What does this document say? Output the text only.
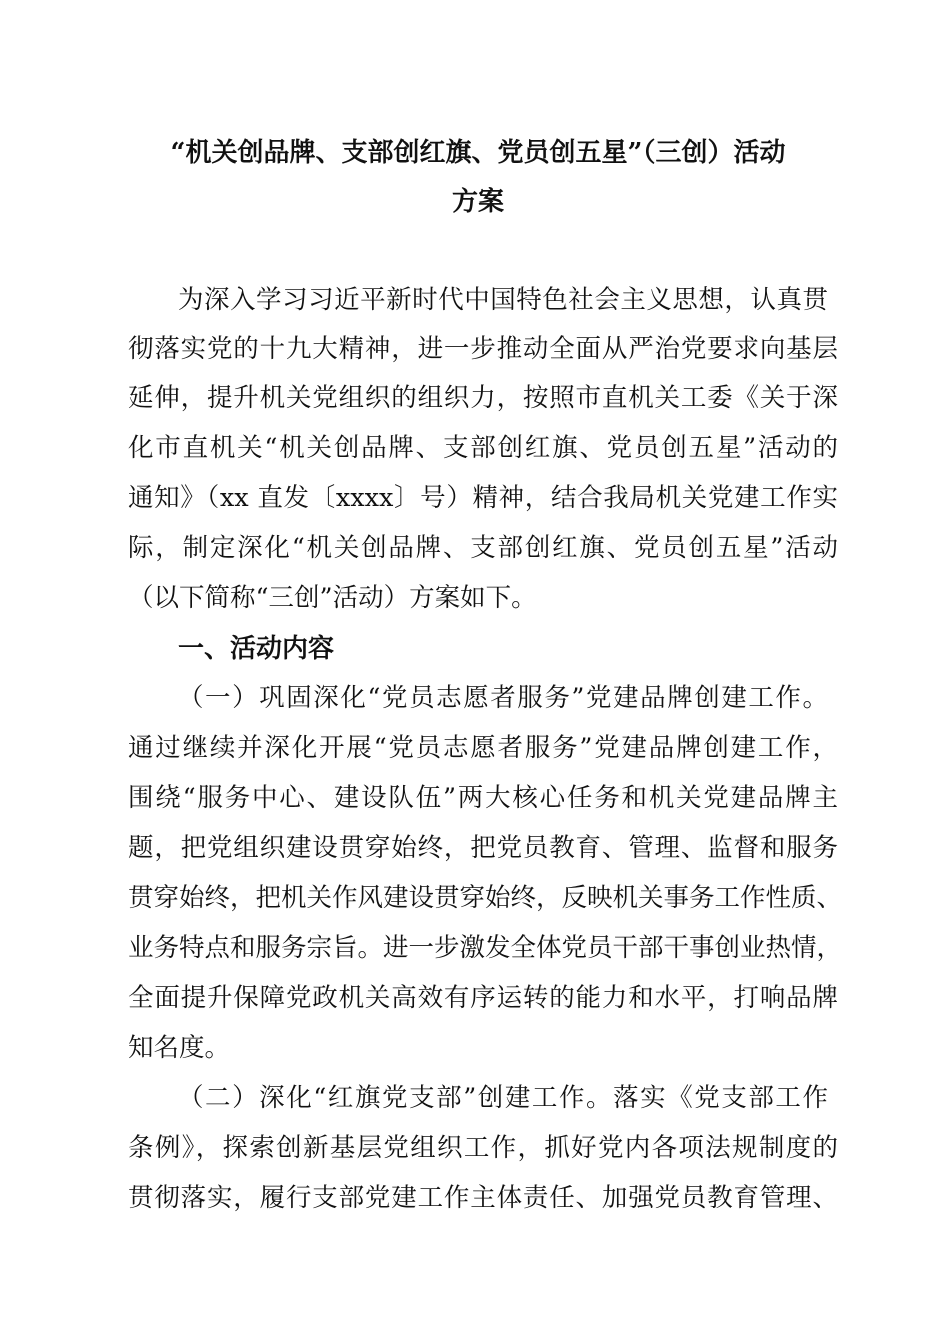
“机关创品牌、支部创红旗、党员创五星”（三创）活动
方案
为深入学习习近平新时代中国特色社会主义思想，认真贯
彻落实党的十九大精神，进一步推动全面从严治党要求向基层
延伸，提升机关党组织的组织力，按照市直机关工委《关于深
化市直机关“机关创品牌、支部创红旗、党员创五星”活动的
通知》（xx 直发〔xxxx〕号）精神，结合我局机关党建工作实
际，制定深化“机关创品牌、支部创红旗、党员创五星”活动
（以下简称“三创”活动）方案如下。
一、活动内容
（一）巩固深化“党员志愿者服务”党建品牌创建工作。
通过继续并深化开展“党员志愿者服务”党建品牌创建工作，
围绕“服务中心、建设队伍”两大核心任务和机关党建品牌主
题，把党组织建设贯穿始终，把党员教育、管理、监督和服务
贯穿始终，把机关作风建设贯穿始终，反映机关事务工作性质、
业务特点和服务宗旨。进一步激发全体党员干部干事创业热情，
全面提升保障党政机关高效有序运转的能力和水平，打响品牌
知名度。
（二）深化“红旗党支部”创建工作。落实《党支部工作
条例》，探索创新基层党组织工作，抓好党内各项法规制度的
贯彻落实，履行支部党建工作主体责任、加强党员教育管理、
